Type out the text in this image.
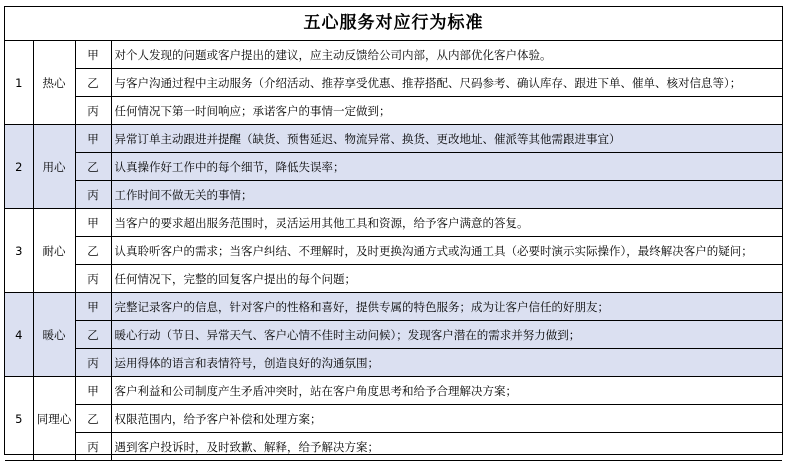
五心服务对应行为标准
1	热心	甲	对个人发现的问题或客户提出的建议，应主动反馈给公司内部，从内部优化客户体验。
		乙	与客户沟通过程中主动服务（介绍活动、推荐享受优惠、推荐搭配、尺码参考、确认库存、跟进下单、催单、核对信息等）；
		丙	任何情况下第一时间响应；承诺客户的事情一定做到；
2	用心	甲	异常订单主动跟进并提醒（缺货、预售延迟、物流异常、换货、更改地址、催派等其他需跟进事宜）
		乙	认真操作好工作中的每个细节，降低失误率；
		丙	工作时间不做无关的事情；
3	耐心	甲	当客户的要求超出服务范围时，灵活运用其他工具和资源，给予客户满意的答复。
		乙	认真聆听客户的需求；当客户纠结、不理解时，及时更换沟通方式或沟通工具（必要时演示实际操作），最终解决客户的疑问；
		丙	任何情况下，完整的回复客户提出的每个问题；
4	暖心	甲	完整记录客户的信息，针对客户的性格和喜好，提供专属的特色服务；成为让客户信任的好朋友；
		乙	暖心行动（节日、异常天气、客户心情不佳时主动问候）；发现客户潜在的需求并努力做到；
		丙	运用得体的语言和表情符号，创造良好的沟通氛围；
5	同理心	甲	客户利益和公司制度产生矛盾冲突时，站在客户角度思考和给予合理解决方案；
		乙	权限范围内，给予客户补偿和处理方案；
		丙	遇到客户投诉时，及时致歉、解释，给予解决方案；
